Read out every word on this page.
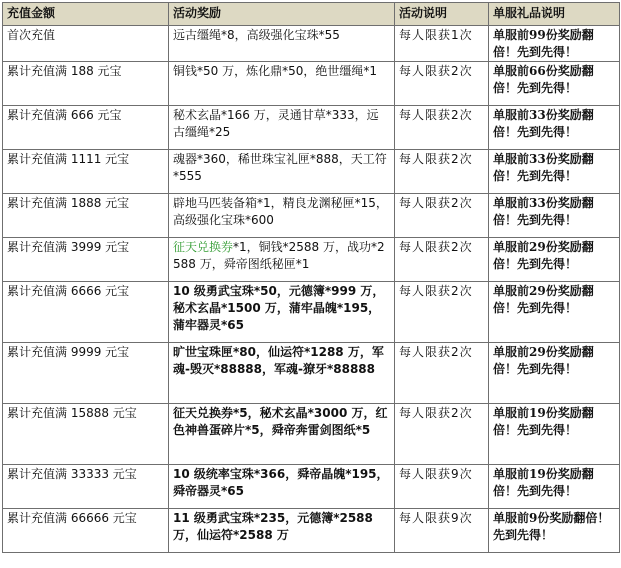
充值金额	活动奖励	活动说明	单服礼品说明
首次充值	远古缰绳*8，高级强化宝珠*55	每人限获1次	单服前99份奖励翻倍！先到先得！
累计充值满 188 元宝	铜钱*50 万，炼化鼎*50，绝世缰绳*1	每人限获2次	单服前66份奖励翻倍！先到先得！
累计充值满 666 元宝	秘术玄晶*166 万，灵通甘草*333，远古缰绳*25	每人限获2次	单服前33份奖励翻倍！先到先得！
累计充值满 1111 元宝	魂器*360，稀世珠宝礼匣*888，天工符*555	每人限获2次	单服前33份奖励翻倍！先到先得！
累计充值满 1888 元宝	辟地马匹装备箱*1，精良龙渊秘匣*15，高级强化宝珠*600	每人限获2次	单服前33份奖励翻倍！先到先得！
累计充值满 3999 元宝	征天兑换券*1，铜钱*2588 万，战功*2588 万，舜帝图纸秘匣*1	每人限获2次	单服前29份奖励翻倍！先到先得！
累计充值满 6666 元宝	10 级勇武宝珠*50，元德簿*999 万，秘术玄晶*1500 万，蒲牢晶魄*195，蒲牢器灵*65	每人限获2次	单服前29份奖励翻倍！先到先得！
累计充值满 9999 元宝	旷世宝珠匣*80，仙运符*1288 万，军魂-毁灭*88888，军魂-獠牙*88888	每人限获2次	单服前29份奖励翻倍！先到先得！
累计充值满 15888 元宝	征天兑换券*5，秘术玄晶*3000 万，红色神兽蛋碎片*5，舜帝奔雷剑图纸*5	每人限获2次	单服前19份奖励翻倍！先到先得！
累计充值满 33333 元宝	10 级统率宝珠*366，舜帝晶魄*195，舜帝器灵*65	每人限获9次	单服前19份奖励翻倍！先到先得！
累计充值满 66666 元宝	11 级勇武宝珠*235，元德簿*2588 万，仙运符*2588 万	每人限获9次	单服前9份奖励翻倍！先到先得！
